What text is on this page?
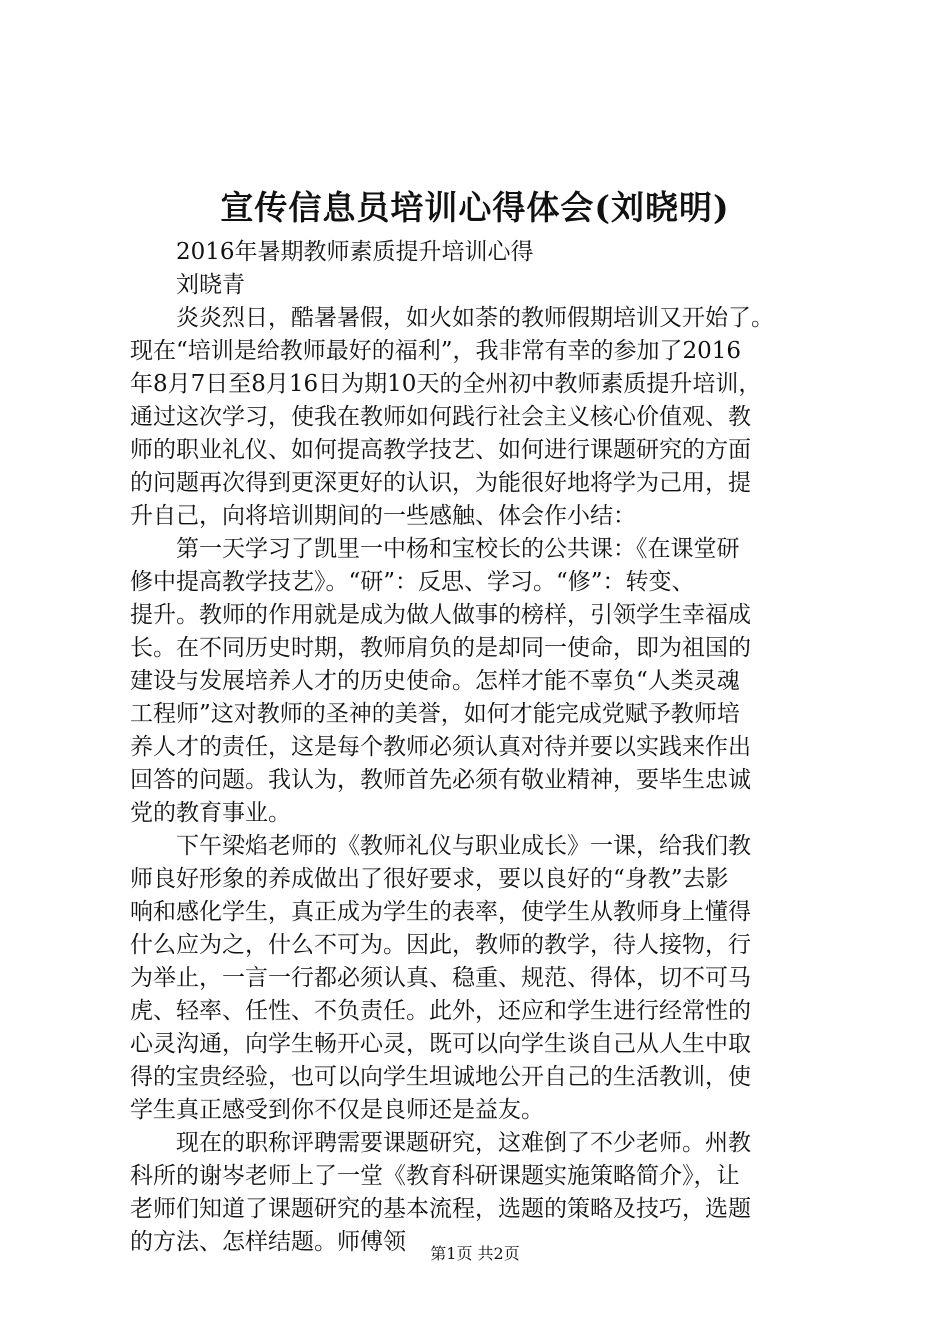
宣传信息员培训心得体会(刘晓明)
2016年暑期教师素质提升培训心得
刘晓青
炎炎烈日，酷暑暑假，如火如荼的教师假期培训又开始了。
现在“培训是给教师最好的福利”，我非常有幸的参加了2016
年8月7日至8月16日为期10天的全州初中教师素质提升培训，
通过这次学习，使我在教师如何践行社会主义核心价值观、教
师的职业礼仪、如何提高教学技艺、如何进行课题研究的方面
的问题再次得到更深更好的认识，为能很好地将学为己用，提
升自己，向将培训期间的一些感触、体会作小结：
第一天学习了凯里一中杨和宝校长的公共课：《在课堂研
修中提高教学技艺》。“研”：反思、学习。“修”：转变、
提升。教师的作用就是成为做人做事的榜样，引领学生幸福成
长。在不同历史时期，教师肩负的是却同一使命，即为祖国的
建设与发展培养人才的历史使命。怎样才能不辜负“人类灵魂
工程师”这对教师的圣神的美誉，如何才能完成党赋予教师培
养人才的责任，这是每个教师必须认真对待并要以实践来作出
回答的问题。我认为，教师首先必须有敬业精神，要毕生忠诚
党的教育事业。
下午梁焰老师的《教师礼仪与职业成长》一课，给我们教
师良好形象的养成做出了很好要求，要以良好的“身教”去影
响和感化学生，真正成为学生的表率，使学生从教师身上懂得
什么应为之，什么不可为。因此，教师的教学，待人接物，行
为举止，一言一行都必须认真、稳重、规范、得体，切不可马
虎、轻率、任性、不负责任。此外，还应和学生进行经常性的
心灵沟通，向学生畅开心灵，既可以向学生谈自己从人生中取
得的宝贵经验，也可以向学生坦诚地公开自己的生活教训，使
学生真正感受到你不仅是良师还是益友。
现在的职称评聘需要课题研究，这难倒了不少老师。州教
科所的谢岑老师上了一堂《教育科研课题实施策略简介》，让
老师们知道了课题研究的基本流程，选题的策略及技巧，选题
的方法、怎样结题。师傅领	第1页 共2页
